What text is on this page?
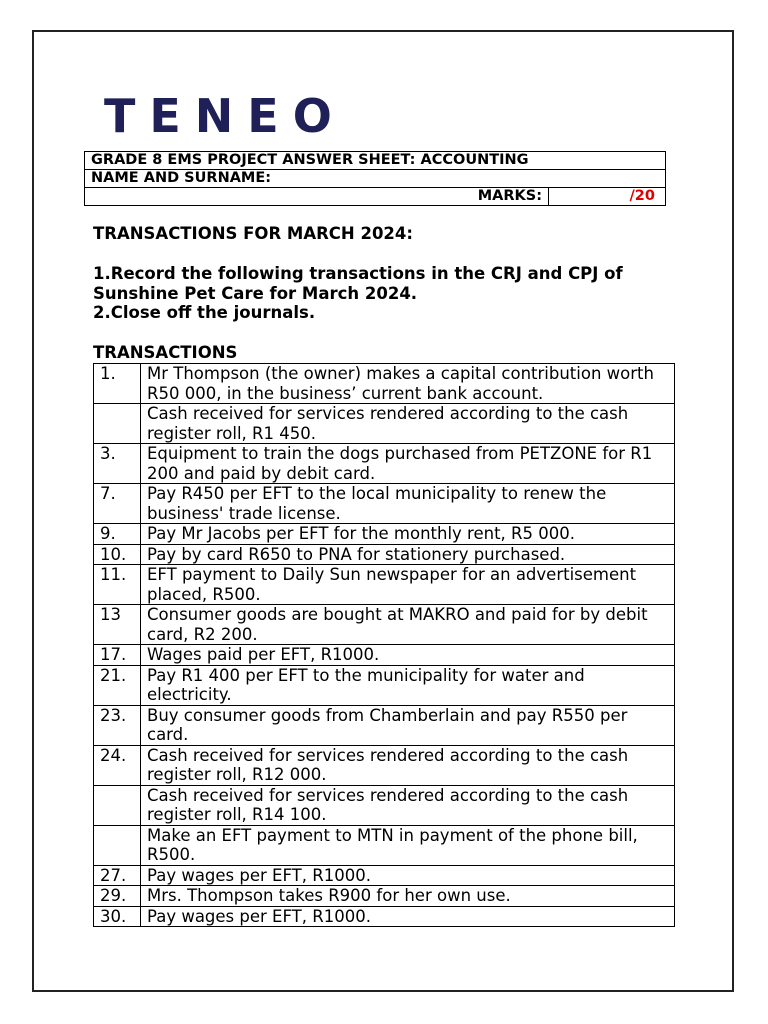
TENEO
GRADE 8 EMS PROJECT ANSWER SHEET: ACCOUNTING
NAME AND SURNAME:
MARKS:	/20
TRANSACTIONS FOR MARCH 2024:
1.Record the following transactions in the CRJ and CPJ of Sunshine Pet Care for March 2024.
2.Close off the journals.
TRANSACTIONS
1.	Mr Thompson (the owner) makes a capital contribution worth R50 000, in the business’ current bank account.
	Cash received for services rendered according to the cash register roll, R1 450.
3.	Equipment to train the dogs purchased from PETZONE for R1 200 and paid by debit card.
7.	Pay R450 per EFT to the local municipality to renew the business' trade license.
9.	Pay Mr Jacobs per EFT for the monthly rent, R5 000.
10.	Pay by card R650 to PNA for stationery purchased.
11.	EFT payment to Daily Sun newspaper for an advertisement placed, R500.
13	Consumer goods are bought at MAKRO and paid for by debit card, R2 200.
17.	Wages paid per EFT, R1000.
21.	Pay R1 400 per EFT to the municipality for water and electricity.
23.	Buy consumer goods from Chamberlain and pay R550 per card.
24.	Cash received for services rendered according to the cash register roll, R12 000.
	Cash received for services rendered according to the cash register roll, R14 100.
	Make an EFT payment to MTN in payment of the phone bill, R500.
27.	Pay wages per EFT, R1000.
29.	Mrs. Thompson takes R900 for her own use.
30.	Pay wages per EFT, R1000.
